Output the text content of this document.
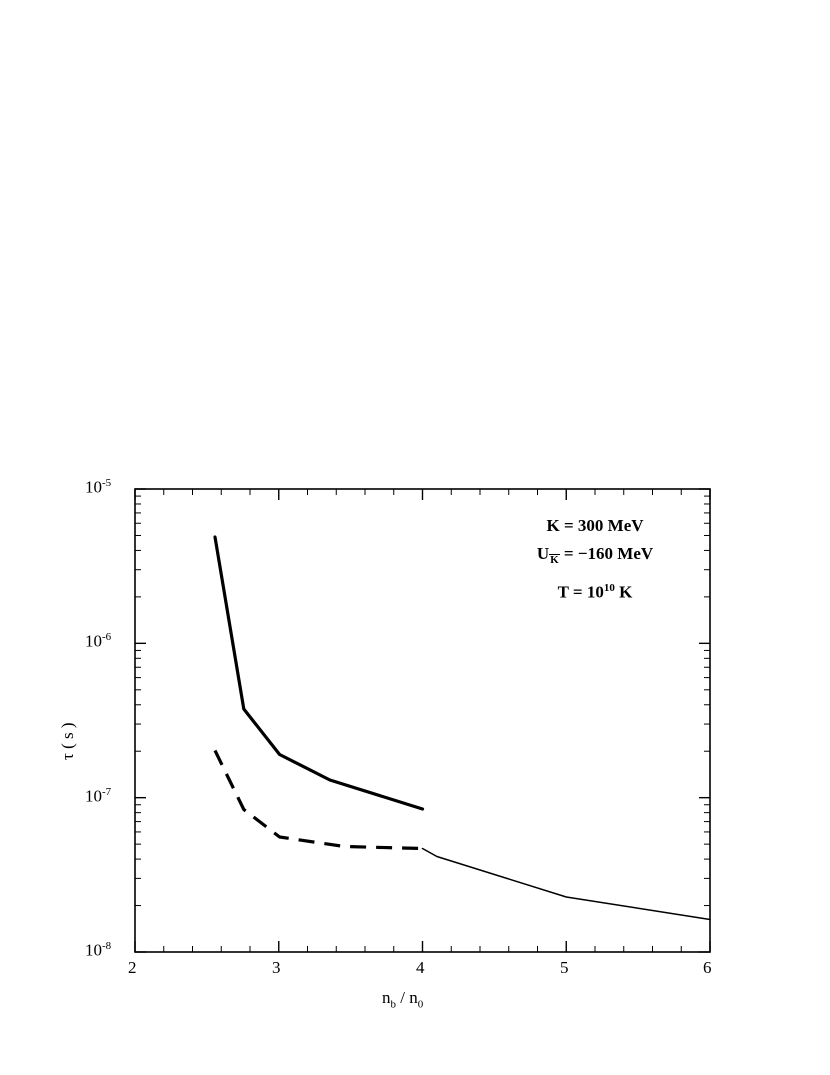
2	3	4	5	6
$10^{-8}$
$10^{-7}$
$10^{-6}$
$10^{-5}$
$n_b / n_0$
τ ( s )
K = 300 MeV
UK = −160 MeV
$T = 10^{10}$ K
